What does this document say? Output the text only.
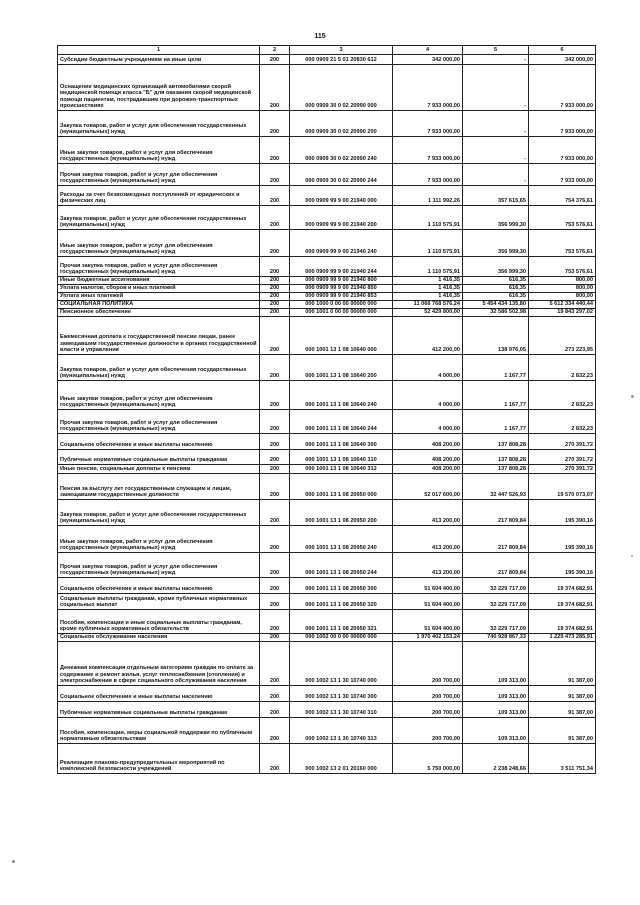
115
1	2	3	4	5	6
Субсидии бюджетным учреждениям на иные цели	200	000 0909 21 5 01 20830 612	342 000,00	-	342 000,00
Оснащение медицинских организаций автомобилями скорой медицинской помощи класса "Б" для оказания скорой медицинской помощи пациентам, пострадавшим при дорожно-транспортных происшествиях	200	000 0909 30 0 02 20990 000	7 933 000,00	-	7 933 000,00
Закупка товаров, работ и услуг для обеспечения государственных (муниципальных) нужд	200	000 0909 30 0 02 20990 200	7 933 000,00	-	7 933 000,00
Иные закупки товаров, работ и услуг для обеспечения государственных (муниципальных) нужд	200	000 0909 30 0 02 20990 240	7 933 000,00	-	7 933 000,00
Прочая закупка товаров, работ и услуг для обеспечения государственных (муниципальных) нужд	200	000 0909 30 0 02 20990 244	7 933 000,00	-	7 933 000,00
Расходы за счет безвозмездных поступлений от юридических и физических лиц	200	000 0909 99 9 00 21940 000	1 111 992,26	357 615,65	754 376,61
Закупка товаров, работ и услуг для обеспечения государственных (муниципальных) нужд	200	000 0909 99 9 00 21940 200	1 110 575,91	356 999,30	753 576,61
Иные закупки товаров, работ и услуг для обеспечения государственных (муниципальных) нужд	200	000 0909 99 9 00 21940 240	1 110 575,91	356 999,30	753 576,61
Прочая закупка товаров, работ и услуг для обеспечения государственных (муниципальных) нужд	200	000 0909 99 9 00 21940 244	1 110 575,91	356 999,30	753 576,61
Иные бюджетные ассигнования	200	000 0909 99 9 00 21940 800	1 416,35	616,35	800,00
Уплата налогов, сборов и иных платежей	200	000 0909 99 9 00 21940 850	1 416,35	616,35	800,00
Уплата иных платежей	200	000 0909 99 9 00 21940 853	1 416,35	616,35	800,00
СОЦИАЛЬНАЯ ПОЛИТИКА	200	000 1000 0 00 00 00000 000	11 066 768 576,24	5 454 434 135,80	5 612 334 440,44
Пенсионное обеспечение	200	000 1001 0 00 00 00000 000	52 429 800,00	32 586 502,98	19 843 297,02
Ежемесячная доплата к государственной пенсии лицам, ранее замещавшим государственные должности в органах государственной власти и управления	200	000 1001 13 1 08 10640 000	412 200,00	138 976,05	273 223,95
Закупка товаров, работ и услуг для обеспечения государственных (муниципальных) нужд	200	000 1001 13 1 08 10640 200	4 000,00	1 167,77	2 832,23
Иные закупки товаров, работ и услуг для обеспечения государственных (муниципальных) нужд	200	000 1001 13 1 08 10640 240	4 000,00	1 167,77	2 832,23
Прочая закупка товаров, работ и услуг для обеспечения государственных (муниципальных) нужд	200	000 1001 13 1 08 10640 244	4 000,00	1 167,77	2 832,23
Социальное обеспечение и иные выплаты населению	200	000 1001 13 1 08 10640 300	408 200,00	137 808,28	270 391,72
Публичные нормативные социальные выплаты гражданам	200	000 1001 13 1 08 10640 310	408 200,00	137 808,28	270 391,72
Иные пенсии, социальные доплаты к пенсиям	200	000 1001 13 1 08 10640 312	408 200,00	137 808,28	270 391,72
Пенсия за выслугу лет государственным служащим и лицам, замещавшим государственные должности	200	000 1001 13 1 08 20950 000	52 017 600,00	32 447 526,93	19 570 073,07
Закупка товаров, работ и услуг для обеспечения государственных (муниципальных) нужд	200	000 1001 13 1 08 20950 200	413 200,00	217 809,84	195 390,16
Иные закупки товаров, работ и услуг для обеспечения государственных (муниципальных) нужд	200	000 1001 13 1 08 20950 240	413 200,00	217 809,84	195 390,16
Прочая закупка товаров, работ и услуг для обеспечения государственных (муниципальных) нужд	200	000 1001 13 1 08 20950 244	413 200,00	217 809,84	195 390,16
Социальное обеспечение и иные выплаты населению	200	000 1001 13 1 08 20950 300	51 604 400,00	32 229 717,09	19 374 682,91
Социальные выплаты гражданам, кроме публичных нормативных социальных выплат	200	000 1001 13 1 08 20950 320	51 604 400,00	32 229 717,09	19 374 682,91
Пособия, компенсации и иные социальные выплаты гражданам, кроме публичных нормативных обязательств	200	000 1001 13 1 08 20950 321	51 604 400,00	32 229 717,09	19 374 682,91
Социальное обслуживание населения	200	000 1002 00 0 00 00000 000	1 970 402 153,24	740 928 867,33	1 229 473 285,91
Денежная компенсация отдельным категориям граждан по оплате за содержание и ремонт жилья, услуг теплоснабжения (отопления) и электроснабжения в сфере социального обслуживания населения	200	000 1002 13 1 30 10740 000	200 700,00	109 313,00	91 387,00
Социальное обеспечение и иные выплаты населению	200	000 1002 13 1 30 10740 300	200 700,00	109 313,00	91 387,00
Публичные нормативные социальные выплаты гражданам	200	000 1002 13 1 30 10740 310	200 700,00	109 313,00	91 387,00
Пособия, компенсации, меры социальной поддержки по публичным нормативным обязательствам	200	000 1002 13 1 30 10740 313	200 700,00	109 313,00	91 387,00
Реализация планово-предупредительных мероприятий по комплексной безопасности учреждений	200	000 1002 13 2 01 20160 000	5 750 000,00	2 238 248,66	3 511 751,34
